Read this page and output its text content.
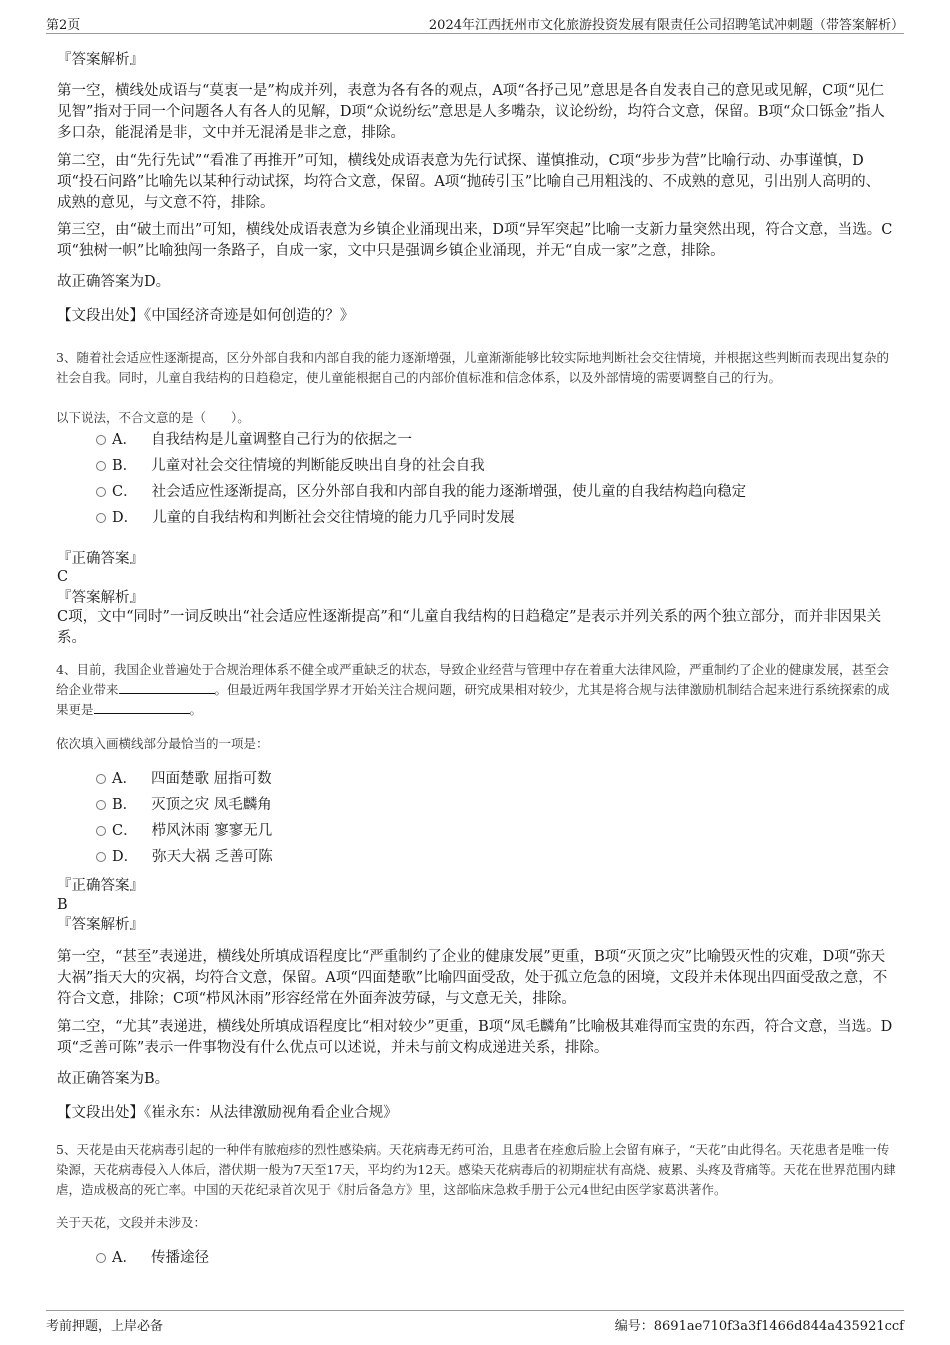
第2页	2024年江西抚州市文化旅游投资发展有限责任公司招聘笔试冲刺题（带答案解析）
『答案解析』
第一空，横线处成语与“莫衷一是”构成并列，表意为各有各的观点，A项“各抒己见”意思是各自发表自己的意见或见解，C项“见仁见智”指对于同一个问题各人有各人的见解，D项“众说纷纭”意思是人多嘴杂，议论纷纷，均符合文意，保留。B项“众口铄金”指人多口杂，能混淆是非，文中并无混淆是非之意，排除。
第二空，由“先行先试”“看准了再推开”可知，横线处成语表意为先行试探、谨慎推动，C项“步步为营”比喻行动、办事谨慎，D项“投石问路”比喻先以某种行动试探，均符合文意，保留。A项“抛砖引玉”比喻自己用粗浅的、不成熟的意见，引出别人高明的、成熟的意见，与文意不符，排除。
第三空，由“破土而出”可知，横线处成语表意为乡镇企业涌现出来，D项“异军突起”比喻一支新力量突然出现，符合文意，当选。C项“独树一帜”比喻独闯一条路子，自成一家，文中只是强调乡镇企业涌现，并无“自成一家”之意，排除。
故正确答案为D。
【文段出处】《中国经济奇迹是如何创造的？》
3、随着社会适应性逐渐提高，区分外部自我和内部自我的能力逐渐增强，儿童渐渐能够比较实际地判断社会交往情境，并根据这些判断而表现出复杂的社会自我。同时，儿童自我结构的日趋稳定，使儿童能根据自己的内部价值标准和信念体系，以及外部情境的需要调整自己的行为。
以下说法，不合文意的是（　　）。
A． 自我结构是儿童调整自己行为的依据之一
B． 儿童对社会交往情境的判断能反映出自身的社会自我
C． 社会适应性逐渐提高，区分外部自我和内部自我的能力逐渐增强，使儿童的自我结构趋向稳定
D． 儿童的自我结构和判断社会交往情境的能力几乎同时发展
『正确答案』
C
『答案解析』
C项，文中“同时”一词反映出“社会适应性逐渐提高”和“儿童自我结构的日趋稳定”是表示并列关系的两个独立部分，而并非因果关系。
4、目前，我国企业普遍处于合规治理体系不健全或严重缺乏的状态，导致企业经营与管理中存在着重大法律风险，严重制约了企业的健康发展，甚至会给企业带来	。但最近两年我国学界才开始关注合规问题，研究成果相对较少，尤其是将合规与法律激励机制结合起来进行系统探索的成果更是	。
依次填入画横线部分最恰当的一项是：
A． 四面楚歌 屈指可数
B． 灭顶之灾 凤毛麟角
C． 栉风沐雨 寥寥无几
D． 弥天大祸 乏善可陈
『正确答案』
B
『答案解析』
第一空，“甚至”表递进，横线处所填成语程度比“严重制约了企业的健康发展”更重，B项“灭顶之灾”比喻毁灭性的灾难，D项“弥天大祸”指天大的灾祸，均符合文意，保留。A项“四面楚歌”比喻四面受敌，处于孤立危急的困境，文段并未体现出四面受敌之意，不符合文意，排除；C项“栉风沐雨”形容经常在外面奔波劳碌，与文意无关，排除。
第二空，“尤其”表递进，横线处所填成语程度比“相对较少”更重，B项“凤毛麟角”比喻极其难得而宝贵的东西，符合文意，当选。D项“乏善可陈”表示一件事物没有什么优点可以述说，并未与前文构成递进关系，排除。
故正确答案为B。
【文段出处】《崔永东：从法律激励视角看企业合规》
5、天花是由天花病毒引起的一种伴有脓疱疹的烈性感染病。天花病毒无药可治，且患者在痊愈后脸上会留有麻子，“天花”由此得名。天花患者是唯一传染源，天花病毒侵入人体后，潜伏期一般为7天至17天，平均约为12天。感染天花病毒后的初期症状有高烧、疲累、头疼及背痛等。天花在世界范围内肆虐，造成极高的死亡率。中国的天花纪录首次见于《肘后备急方》里，这部临床急救手册于公元4世纪由医学家葛洪著作。
关于天花，文段并未涉及：
A． 传播途径
考前押题，上岸必备	编号：8691ae710f3a3f1466d844a435921ccf
